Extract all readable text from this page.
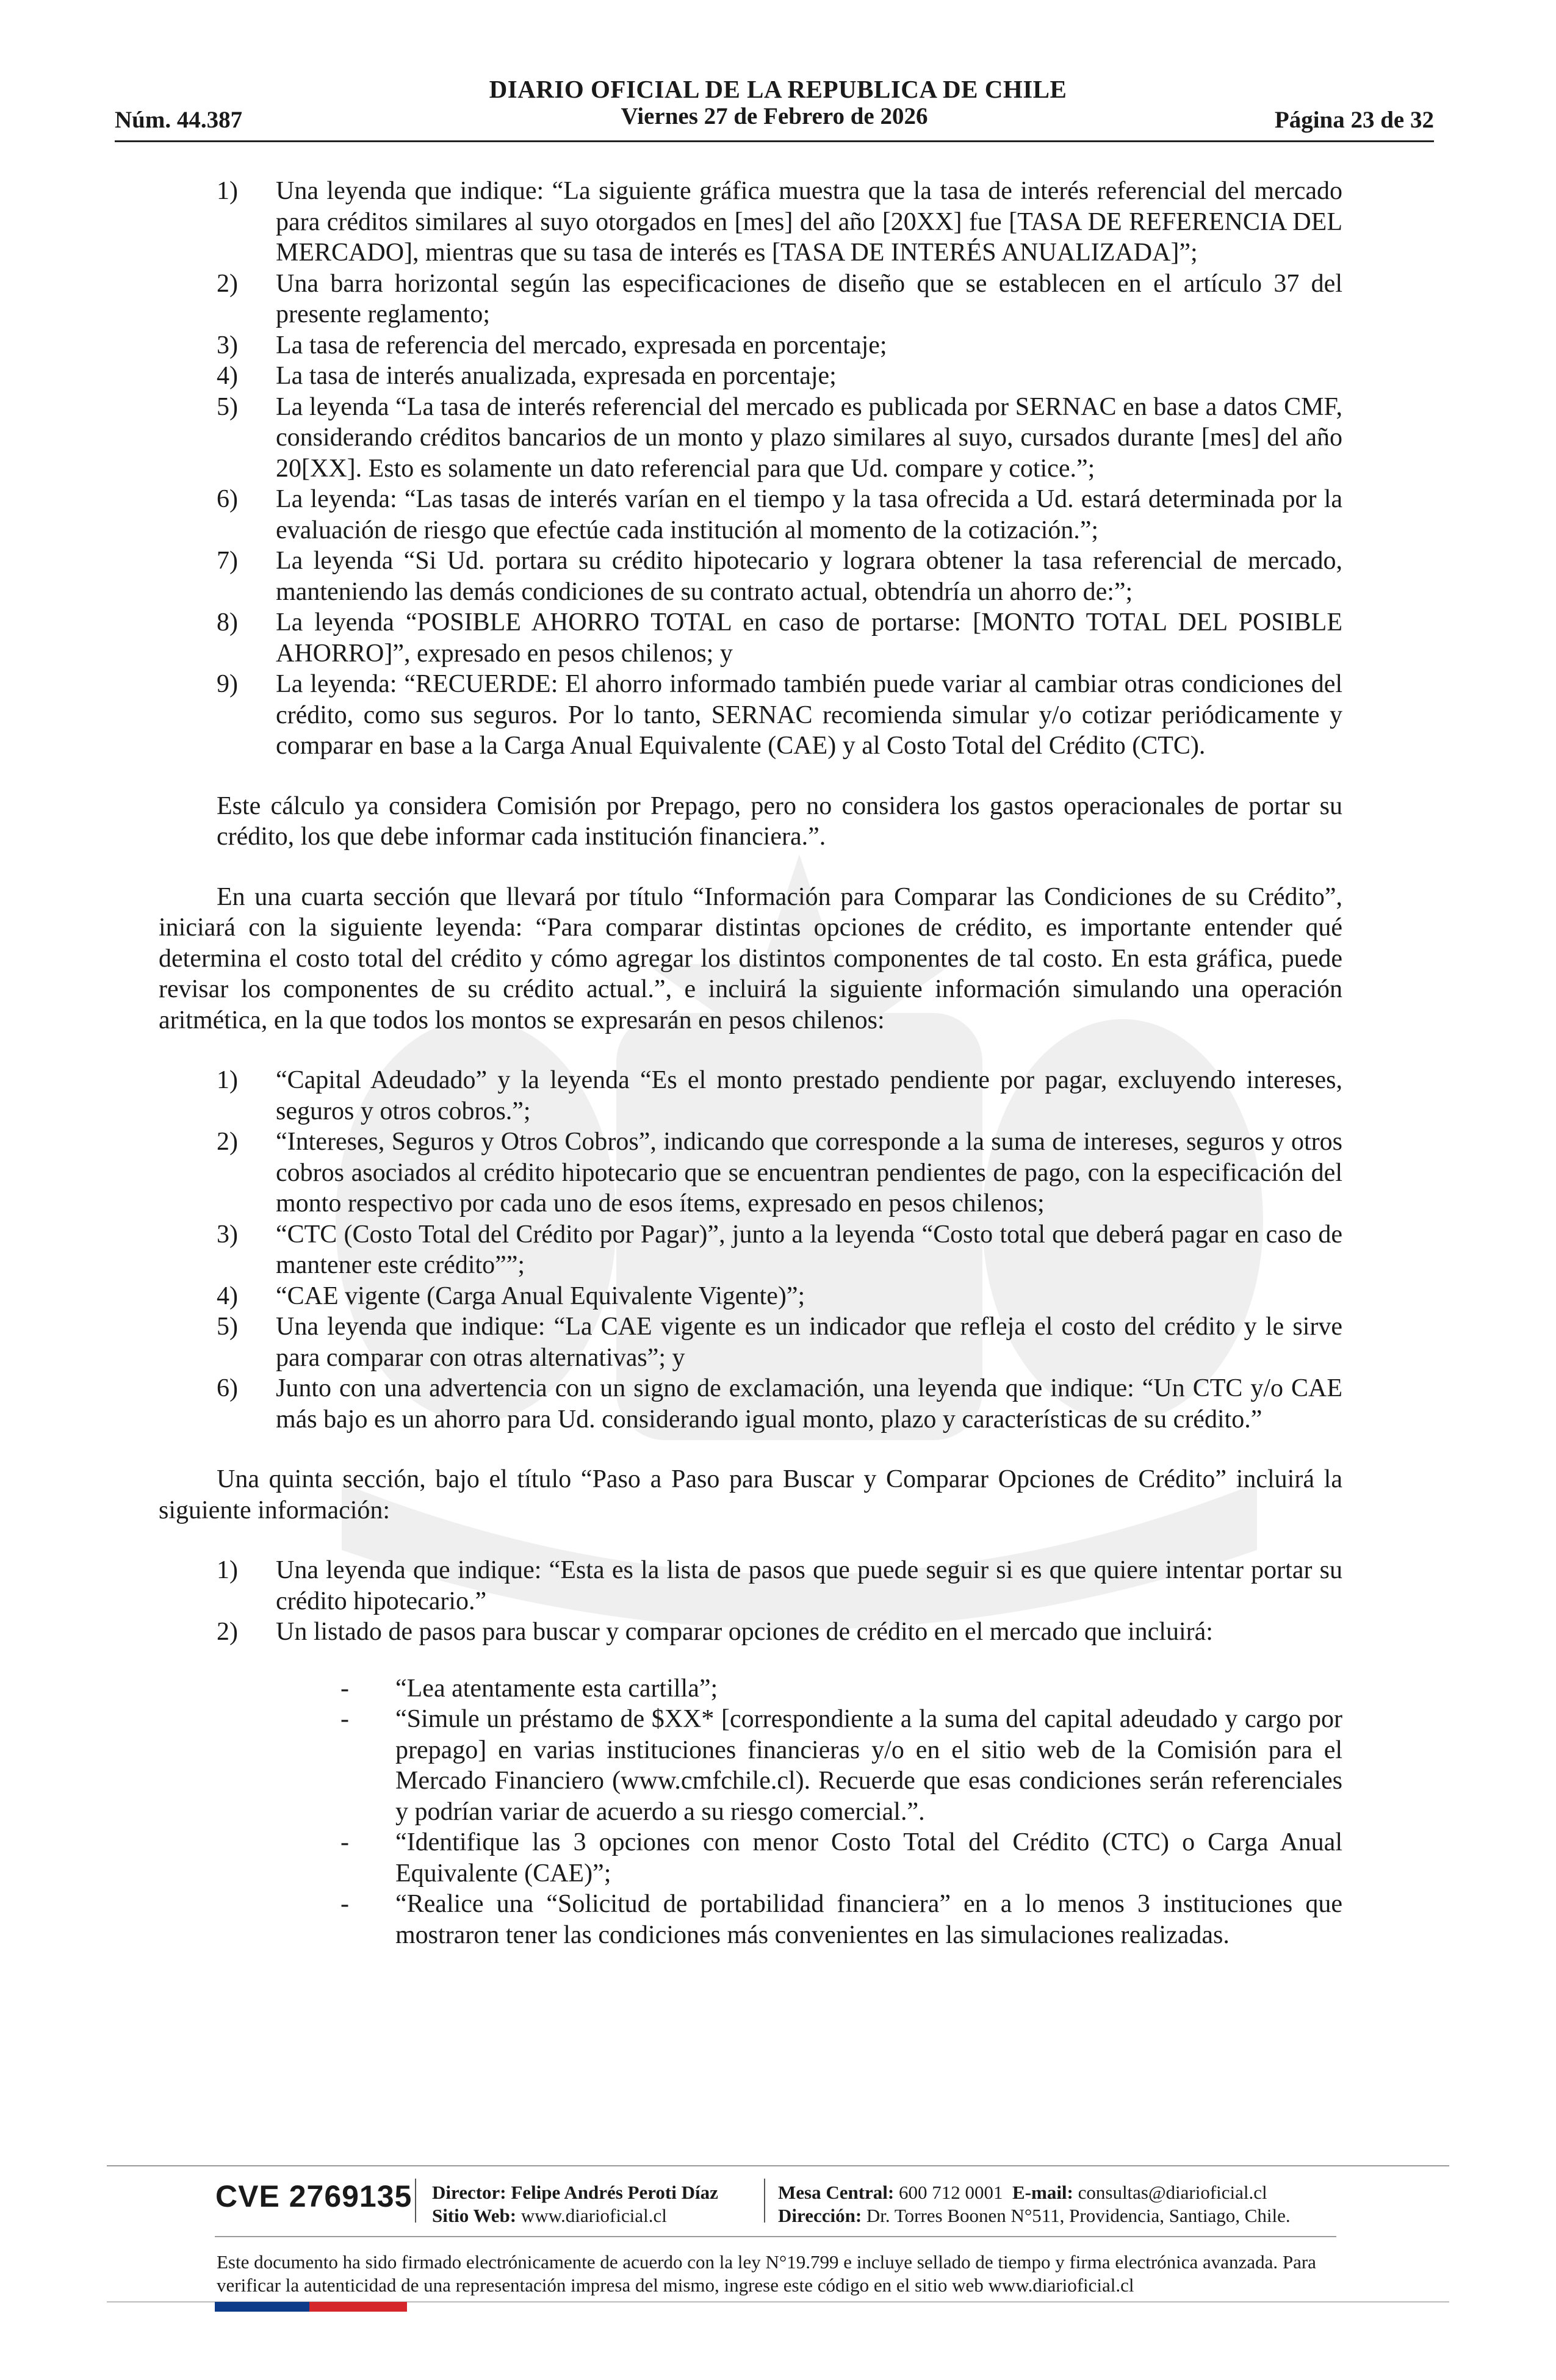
DIARIO OFICIAL DE LA REPUBLICA DE CHILE
Núm. 44.387	Viernes 27 de Febrero de 2026	Página 23 de 32
1)	Una leyenda que indique: “La siguiente gráfica muestra que la tasa de interés referencial del mercado para créditos similares al suyo otorgados en [mes] del año [20XX] fue [TASA DE REFERENCIA DEL MERCADO], mientras que su tasa de interés es [TASA DE INTERÉS ANUALIZADA]”;
2)	Una barra horizontal según las especificaciones de diseño que se establecen en el artículo 37 del presente reglamento;
3)	La tasa de referencia del mercado, expresada en porcentaje;
4)	La tasa de interés anualizada, expresada en porcentaje;
5)	La leyenda “La tasa de interés referencial del mercado es publicada por SERNAC en base a datos CMF, considerando créditos bancarios de un monto y plazo similares al suyo, cursados durante [mes] del año 20[XX]. Esto es solamente un dato referencial para que Ud. compare y cotice.”;
6)	La leyenda: “Las tasas de interés varían en el tiempo y la tasa ofrecida a Ud. estará determinada por la evaluación de riesgo que efectúe cada institución al momento de la cotización.”;
7)	La leyenda “Si Ud. portara su crédito hipotecario y lograra obtener la tasa referencial de mercado, manteniendo las demás condiciones de su contrato actual, obtendría un ahorro de:”;
8)	La leyenda “POSIBLE AHORRO TOTAL en caso de portarse: [MONTO TOTAL DEL POSIBLE AHORRO]”, expresado en pesos chilenos; y
9)	La leyenda: “RECUERDE: El ahorro informado también puede variar al cambiar otras condiciones del crédito, como sus seguros. Por lo tanto, SERNAC recomienda simular y/o cotizar periódicamente y comparar en base a la Carga Anual Equivalente (CAE) y al Costo Total del Crédito (CTC).

Este cálculo ya considera Comisión por Prepago, pero no considera los gastos operacionales de portar su crédito, los que debe informar cada institución financiera.”.

En una cuarta sección que llevará por título “Información para Comparar las Condiciones de su Crédito”, iniciará con la siguiente leyenda: “Para comparar distintas opciones de crédito, es importante entender qué determina el costo total del crédito y cómo agregar los distintos componentes de tal costo. En esta gráfica, puede revisar los componentes de su crédito actual.”, e incluirá la siguiente información simulando una operación aritmética, en la que todos los montos se expresarán en pesos chilenos:

1)	“Capital Adeudado” y la leyenda “Es el monto prestado pendiente por pagar, excluyendo intereses, seguros y otros cobros.”;
2)	“Intereses, Seguros y Otros Cobros”, indicando que corresponde a la suma de intereses, seguros y otros cobros asociados al crédito hipotecario que se encuentran pendientes de pago, con la especificación del monto respectivo por cada uno de esos ítems, expresado en pesos chilenos;
3)	“CTC (Costo Total del Crédito por Pagar)”, junto a la leyenda “Costo total que deberá pagar en caso de mantener este crédito””;
4)	“CAE vigente (Carga Anual Equivalente Vigente)”;
5)	Una leyenda que indique: “La CAE vigente es un indicador que refleja el costo del crédito y le sirve para comparar con otras alternativas”; y
6)	Junto con una advertencia con un signo de exclamación, una leyenda que indique: “Un CTC y/o CAE más bajo es un ahorro para Ud. considerando igual monto, plazo y características de su crédito.”

Una quinta sección, bajo el título “Paso a Paso para Buscar y Comparar Opciones de Crédito” incluirá la siguiente información:

1)	Una leyenda que indique: “Esta es la lista de pasos que puede seguir si es que quiere intentar portar su crédito hipotecario.”
2)	Un listado de pasos para buscar y comparar opciones de crédito en el mercado que incluirá:
-	“Lea atentamente esta cartilla”;
-	“Simule un préstamo de $XX* [correspondiente a la suma del capital adeudado y cargo por prepago] en varias instituciones financieras y/o en el sitio web de la Comisión para el Mercado Financiero (www.cmfchile.cl). Recuerde que esas condiciones serán referenciales y podrían variar de acuerdo a su riesgo comercial.”.
-	“Identifique las 3 opciones con menor Costo Total del Crédito (CTC) o Carga Anual Equivalente (CAE)”;
-	“Realice una “Solicitud de portabilidad financiera” en a lo menos 3 instituciones que mostraron tener las condiciones más convenientes en las simulaciones realizadas.
CVE 2769135 Director: Felipe Andrés Peroti Díaz
Sitio Web: www.diarioficial.cl
Mesa Central: 600 712 0001 E-mail: consultas@diarioficial.cl
Dirección: Dr. Torres Boonen N°511, Providencia, Santiago, Chile.
Este documento ha sido firmado electrónicamente de acuerdo con la ley N°19.799 e incluye sellado de tiempo y firma electrónica avanzada. Para verificar la autenticidad de una representación impresa del mismo, ingrese este código en el sitio web www.diarioficial.cl
